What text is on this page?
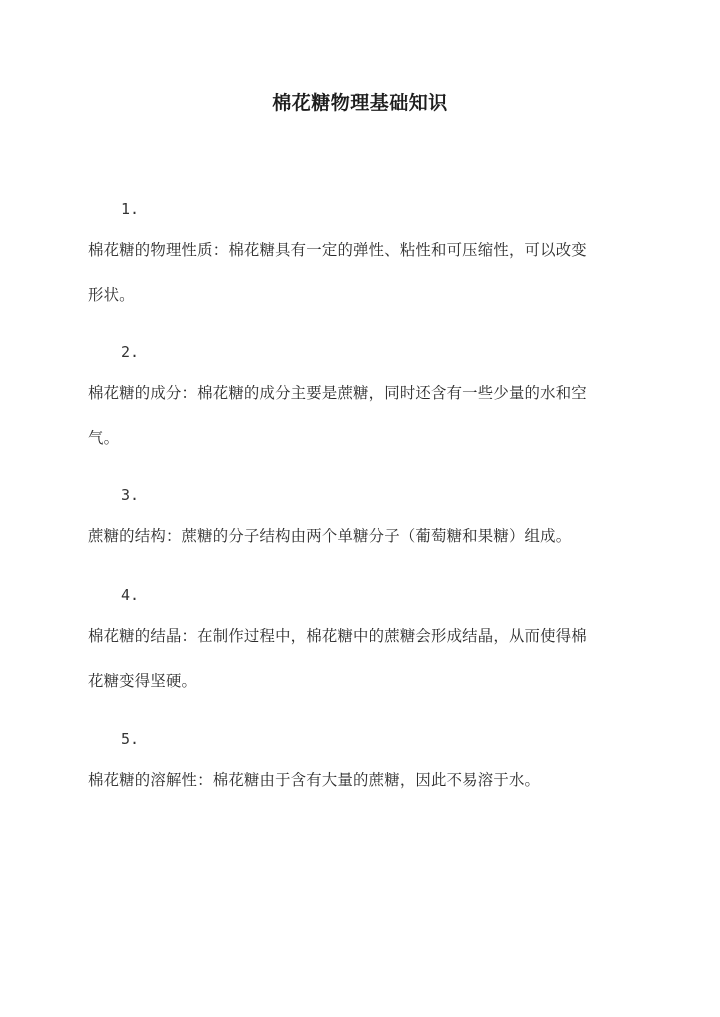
棉花糖物理基础知识
1.
棉花糖的物理性质：棉花糖具有一定的弹性、粘性和可压缩性，可以改变
形状。
2.
棉花糖的成分：棉花糖的成分主要是蔗糖，同时还含有一些少量的水和空
气。
3.
蔗糖的结构：蔗糖的分子结构由两个单糖分子（葡萄糖和果糖）组成。
4.
棉花糖的结晶：在制作过程中，棉花糖中的蔗糖会形成结晶，从而使得棉
花糖变得坚硬。
5.
棉花糖的溶解性：棉花糖由于含有大量的蔗糖，因此不易溶于水。
